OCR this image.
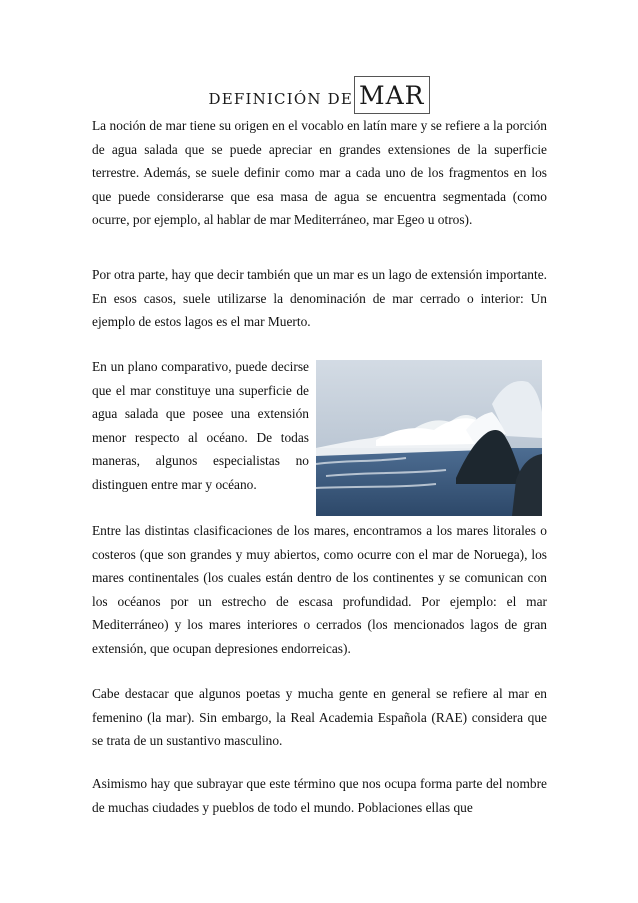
DEFINICIÓN DE MAR

La noción de mar tiene su origen en el vocablo en latín mare y se refiere a la porción de agua salada que se puede apreciar en grandes extensiones de la superficie terrestre. Además, se suele definir como mar a cada uno de los fragmentos en los que puede considerarse que esa masa de agua se encuentra segmentada (como ocurre, por ejemplo, al hablar de mar Mediterráneo, mar Egeo u otros).

Por otra parte, hay que decir también que un mar es un lago de extensión importante. En esos casos, suele utilizarse la denominación de mar cerrado o interior: Un ejemplo de estos lagos es el mar Muerto.

En un plano comparativo, puede decirse que el mar constituye una superficie de agua salada que posee una extensión menor respecto al océano. De todas maneras, algunos especialistas no distinguen entre mar y océano.

Entre las distintas clasificaciones de los mares, encontramos a los mares litorales o costeros (que son grandes y muy abiertos, como ocurre con el mar de Noruega), los mares continentales (los cuales están dentro de los continentes y se comunican con los océanos por un estrecho de escasa profundidad. Por ejemplo: el mar Mediterráneo) y los mares interiores o cerrados (los mencionados lagos de gran extensión, que ocupan depresiones endorreicas).

Cabe destacar que algunos poetas y mucha gente en general se refiere al mar en femenino (la mar). Sin embargo, la Real Academia Española (RAE) considera que se trata de un sustantivo masculino.

Asimismo hay que subrayar que este término que nos ocupa forma parte del nombre de muchas ciudades y pueblos de todo el mundo. Poblaciones ellas que
